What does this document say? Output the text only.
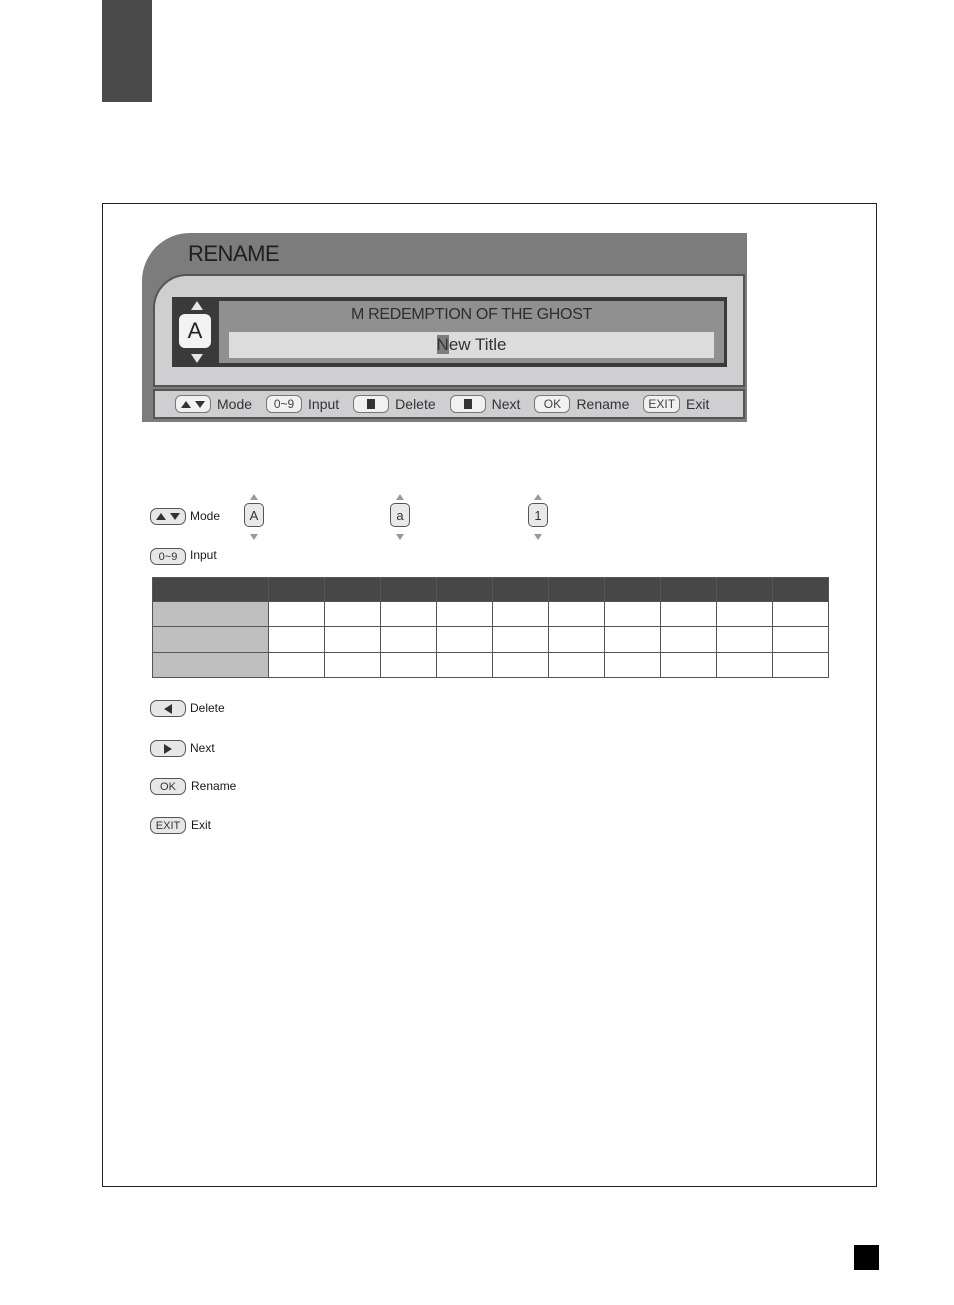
RENAME
A
M REDEMPTION OF THE GHOST
New Title

Mode	0~9 Input	Delete	Next	OK	Rename	EXIT Exit

Mode	A	a	1
0~9	Input

Delete
Next
OK	Rename
EXIT Exit
